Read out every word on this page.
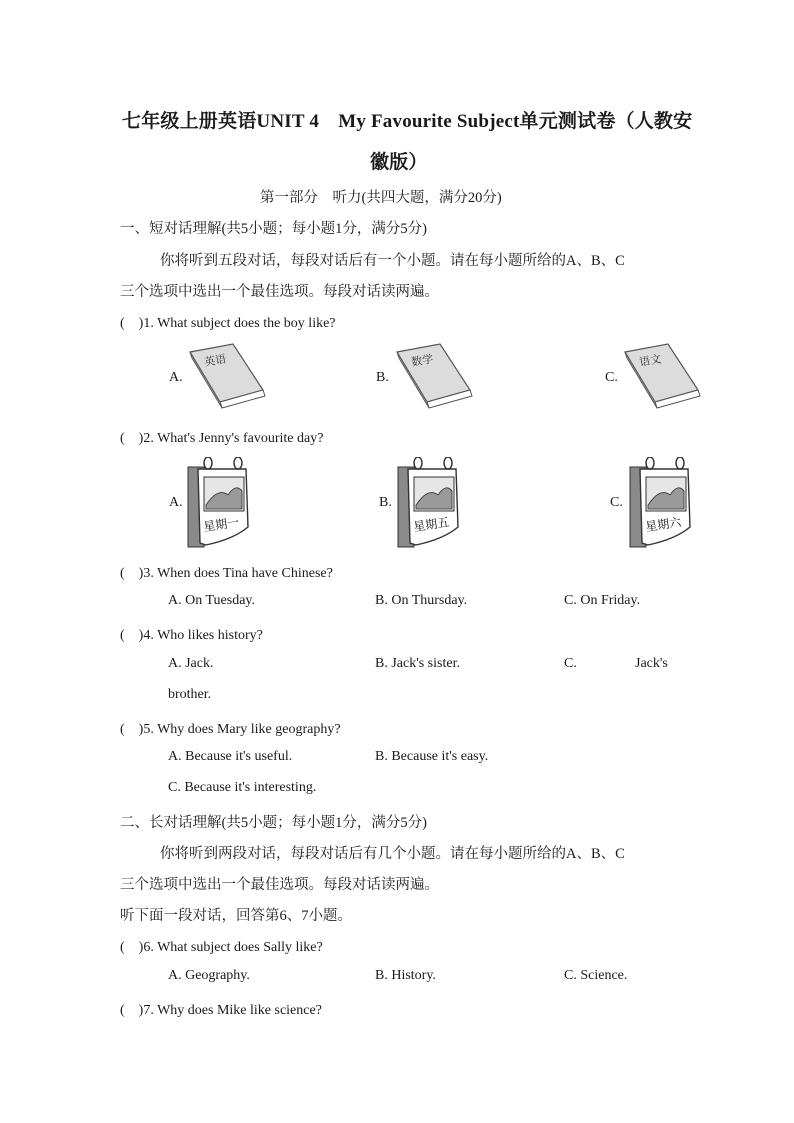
七年级上册英语UNIT 4　My Favourite Subject单元测试卷（人教安
徽版）
第一部分　听力(共四大题，满分20分)
一、短对话理解(共5小题；每小题1分，满分5分)
你将听到五段对话，每段对话后有一个小题。请在每小题所给的A、B、C
三个选项中选出一个最佳选项。每段对话读两遍。
(　)1. What subject does the boy like?
A.
英语
B.
数学
C.
语文
(　)2. What's Jenny's favourite day?
A.
星期一
B.
星期五
C.
星期六
(　)3. When does Tina have Chinese?
A. On Tuesday.	B. On Thursday.	C. On Friday.
(　)4. Who likes history?
A. Jack.	B. Jack's sister.	C.	Jack's
brother.
(　)5. Why does Mary like geography?
A. Because it's useful.	B. Because it's easy.
C. Because it's interesting.
二、长对话理解(共5小题；每小题1分，满分5分)
你将听到两段对话，每段对话后有几个小题。请在每小题所给的A、B、C
三个选项中选出一个最佳选项。每段对话读两遍。
听下面一段对话，回答第6、7小题。
(　)6. What subject does Sally like?
A. Geography.	B. History.	C. Science.
(　)7. Why does Mike like science?
